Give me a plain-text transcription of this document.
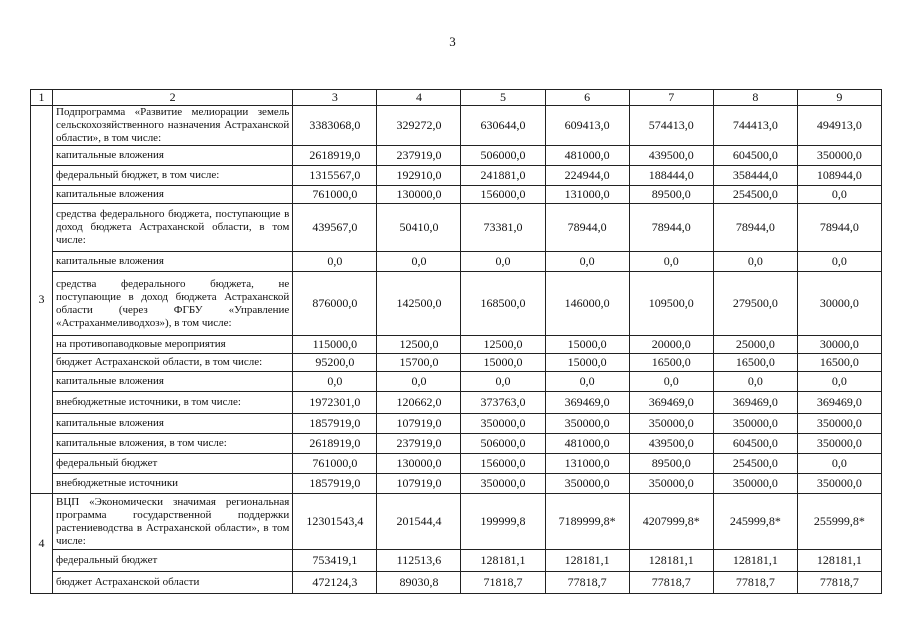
3
1	2	3	4	5	6	7	8	9
3	Подпрограмма «Развитие мелиорации земель сельскохозяйственного назначения Астраханской области», в том числе:	3383068,0	329272,0	630644,0	609413,0	574413,0	744413,0	494913,0
	капитальные вложения	2618919,0	237919,0	506000,0	481000,0	439500,0	604500,0	350000,0
	федеральный бюджет, в том числе:	1315567,0	192910,0	241881,0	224944,0	188444,0	358444,0	108944,0
	капитальные вложения	761000,0	130000,0	156000,0	131000,0	89500,0	254500,0	0,0
	средства федерального бюджета, поступающие в доход бюджета Астраханской области, в том числе:	439567,0	50410,0	73381,0	78944,0	78944,0	78944,0	78944,0
	капитальные вложения	0,0	0,0	0,0	0,0	0,0	0,0	0,0
	средства федерального бюджета, не поступающие в доход бюджета Астраханской области (через ФГБУ «Управление «Астраханмеливодхоз»), в том числе:	876000,0	142500,0	168500,0	146000,0	109500,0	279500,0	30000,0
	на противопаводковые мероприятия	115000,0	12500,0	12500,0	15000,0	20000,0	25000,0	30000,0
	бюджет Астраханской области, в том числе:	95200,0	15700,0	15000,0	15000,0	16500,0	16500,0	16500,0
	капитальные вложения	0,0	0,0	0,0	0,0	0,0	0,0	0,0
	внебюджетные источники, в том числе:	1972301,0	120662,0	373763,0	369469,0	369469,0	369469,0	369469,0
	капитальные вложения	1857919,0	107919,0	350000,0	350000,0	350000,0	350000,0	350000,0
	капитальные вложения, в том числе:	2618919,0	237919,0	506000,0	481000,0	439500,0	604500,0	350000,0
	федеральный бюджет	761000,0	130000,0	156000,0	131000,0	89500,0	254500,0	0,0
	внебюджетные источники	1857919,0	107919,0	350000,0	350000,0	350000,0	350000,0	350000,0
4	ВЦП «Экономически значимая региональная программа государственной поддержки растениеводства в Астраханской области», в том числе:	12301543,4	201544,4	199999,8	7189999,8*	4207999,8*	245999,8*	255999,8*
	федеральный бюджет	753419,1	112513,6	128181,1	128181,1	128181,1	128181,1	128181,1
	бюджет Астраханской области	472124,3	89030,8	71818,7	77818,7	77818,7	77818,7	77818,7
